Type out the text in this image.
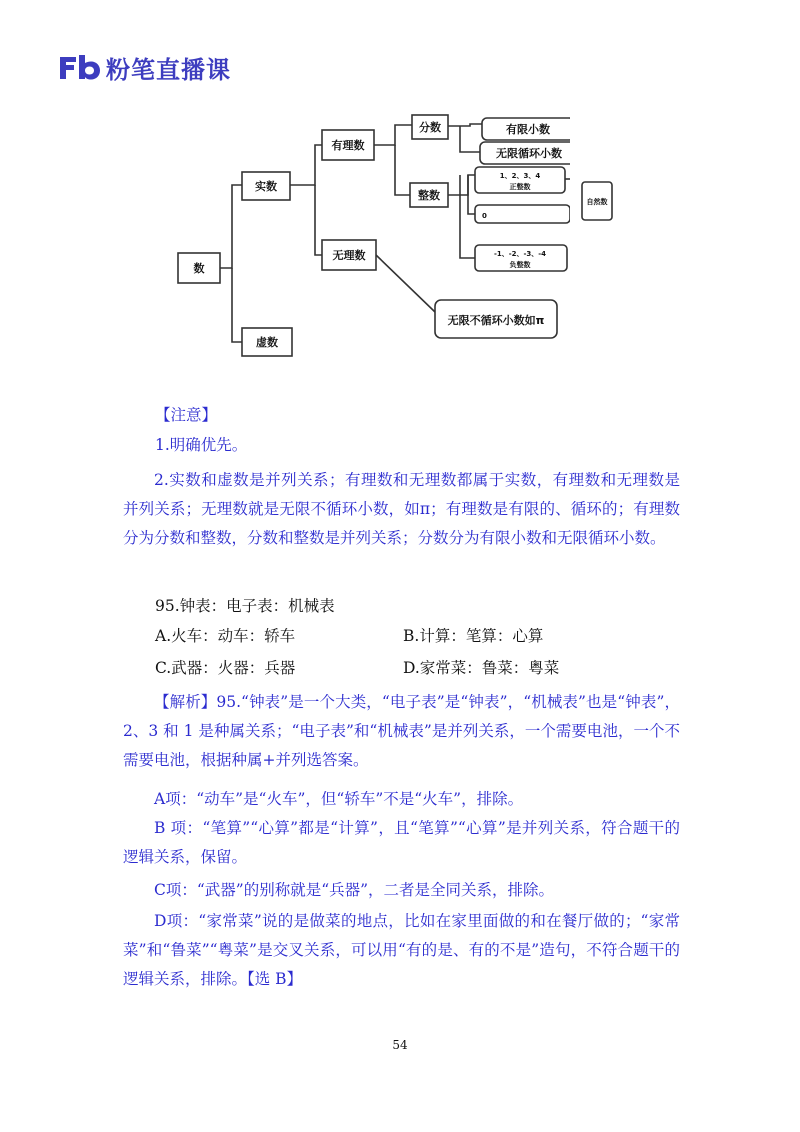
粉笔直播课
数
实数
虚数
有理数
无理数
分数
整数
有限小数
无限循环小数
1、2、3、4
正整数
0
-1、-2、-3、-4
负整数
无限不循环小数如π
自然数

【注意】

1.明确优先。

2.实数和虚数是并列关系；有理数和无理数都属于实数，有理数和无理数是并列关系；无理数就是无限不循环小数，如π；有理数是有限的、循环的；有理数分为分数和整数，分数和整数是并列关系；分数分为有限小数和无限循环小数。

95.钟表：电子表：机械表

A.火车：动车：轿车	B.计算：笔算：心算

C.武器：火器：兵器	D.家常菜：鲁菜：粤菜

【解析】95.“钟表”是一个大类，“电子表”是“钟表”，“机械表”也是“钟表”，2、3 和 1 是种属关系；“电子表”和“机械表”是并列关系，一个需要电池，一个不需要电池，根据种属+并列选答案。

A项：“动车”是“火车”，但“轿车”不是“火车”，排除。

B 项：“笔算”“心算”都是“计算”，且“笔算”“心算”是并列关系，符合题干的逻辑关系，保留。

C项：“武器”的别称就是“兵器”，二者是全同关系，排除。

D项：“家常菜”说的是做菜的地点，比如在家里面做的和在餐厅做的；“家常菜”和“鲁菜”“粤菜”是交叉关系，可以用“有的是、有的不是”造句，不符合题干的逻辑关系，排除。【选 B】

54
